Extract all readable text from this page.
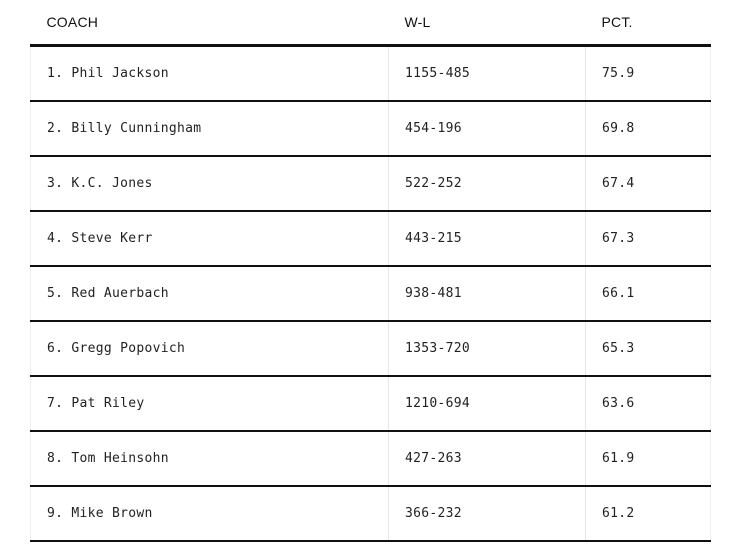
COACH	W-L	PCT.
1. Phil Jackson	1155-485	75.9
2. Billy Cunningham	454-196	69.8
3. K.C. Jones	522-252	67.4
4. Steve Kerr	443-215	67.3
5. Red Auerbach	938-481	66.1
6. Gregg Popovich	1353-720	65.3
7. Pat Riley	1210-694	63.6
8. Tom Heinsohn	427-263	61.9
9. Mike Brown	366-232	61.2
